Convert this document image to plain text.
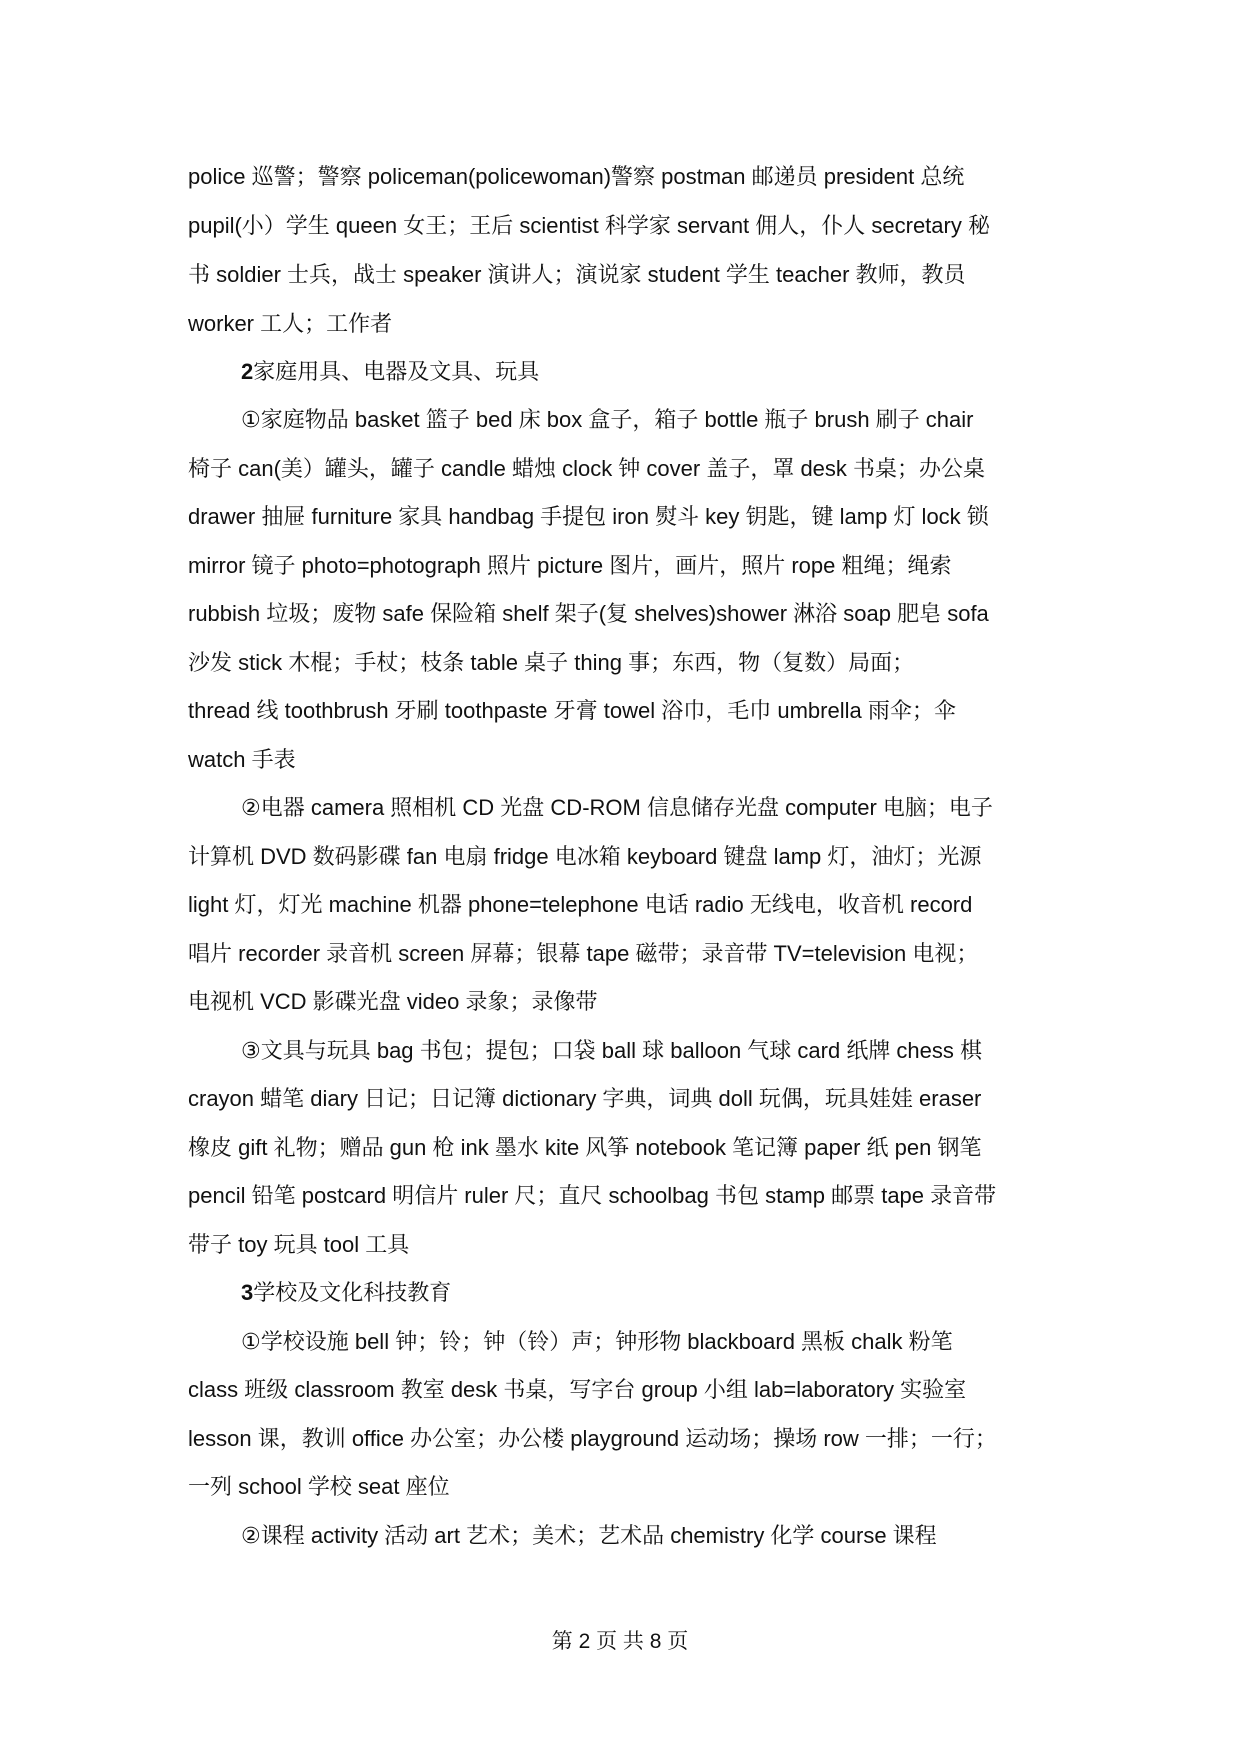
police 巡警；警察 policeman(policewoman)警察 postman 邮递员 president 总统
pupil(小）学生 queen 女王；王后 scientist 科学家 servant 佣人，仆人 secretary 秘
书 soldier 士兵，战士 speaker 演讲人；演说家 student 学生 teacher 教师，教员
worker 工人；工作者
2家庭用具、电器及文具、玩具
①家庭物品 basket 篮子 bed 床 box 盒子，箱子 bottle 瓶子 brush 刷子 chair
椅子 can(美）罐头，罐子 candle 蜡烛 clock 钟 cover 盖子，罩 desk 书桌；办公桌
drawer 抽屉 furniture 家具 handbag 手提包 iron 熨斗 key 钥匙，键 lamp 灯 lock 锁
mirror 镜子 photo=photograph 照片 picture 图片，画片，照片 rope 粗绳；绳索
rubbish 垃圾；废物 safe 保险箱 shelf 架子(复 shelves)shower 淋浴 soap 肥皂 sofa
沙发 stick 木棍；手杖；枝条 table 桌子 thing 事；东西，物（复数）局面；
thread 线 toothbrush 牙刷 toothpaste 牙膏 towel 浴巾，毛巾 umbrella 雨伞；伞
watch 手表
②电器 camera 照相机 CD 光盘 CD-ROM 信息储存光盘 computer 电脑；电子
计算机 DVD 数码影碟 fan 电扇 fridge 电冰箱 keyboard 键盘 lamp 灯，油灯；光源
light 灯，灯光 machine 机器 phone=telephone 电话 radio 无线电，收音机 record
唱片 recorder 录音机 screen 屏幕；银幕 tape 磁带；录音带 TV=television 电视；
电视机 VCD 影碟光盘 video 录象；录像带
③文具与玩具 bag 书包；提包；口袋 ball 球 balloon 气球 card 纸牌 chess 棋
crayon 蜡笔 diary 日记；日记簿 dictionary 字典，词典 doll 玩偶，玩具娃娃 eraser
橡皮 gift 礼物；赠品 gun 枪 ink 墨水 kite 风筝 notebook 笔记簿 paper 纸 pen 钢笔
pencil 铅笔 postcard 明信片 ruler 尺；直尺 schoolbag 书包 stamp 邮票 tape 录音带
带子 toy 玩具 tool 工具
3学校及文化科技教育
①学校设施 bell 钟；铃；钟（铃）声；钟形物 blackboard 黑板 chalk 粉笔
class 班级 classroom 教室 desk 书桌，写字台 group 小组 lab=laboratory 实验室
lesson 课，教训 office 办公室；办公楼 playground 运动场；操场 row 一排；一行；
一列 school 学校 seat 座位
②课程 activity 活动 art 艺术；美术；艺术品 chemistry 化学 course 课程
第 2 页 共 8 页
